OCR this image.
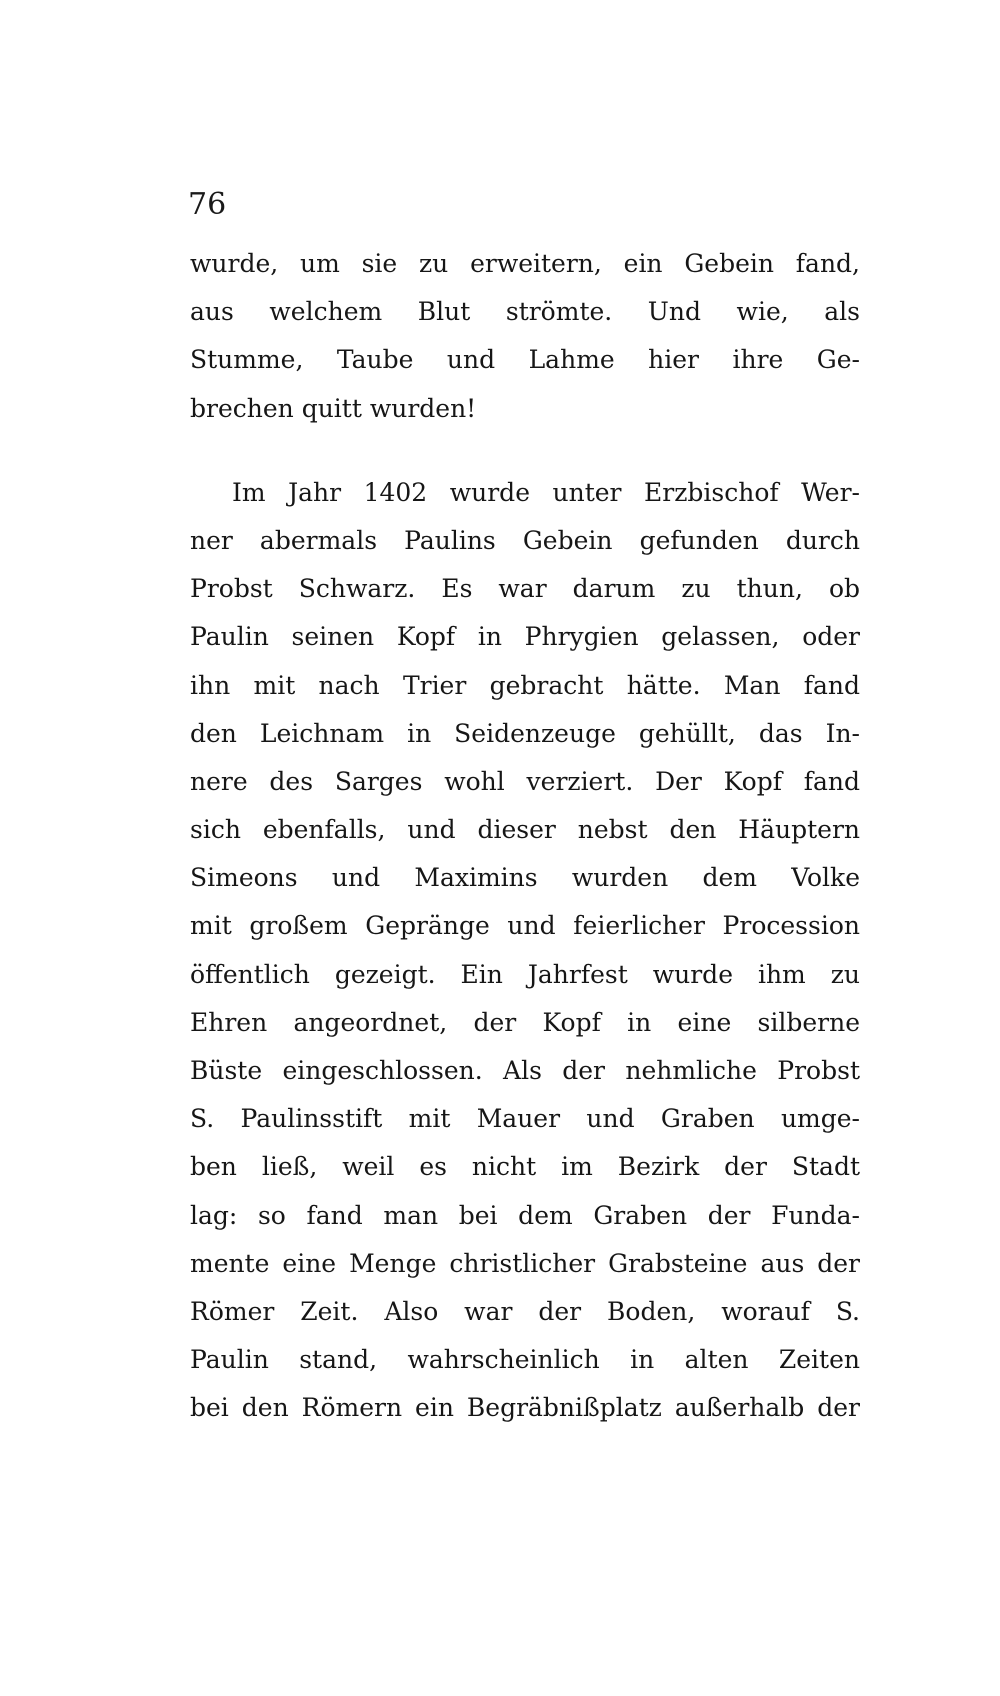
76
wurde, um sie zu erweitern, ein Gebein fand,
aus welchem Blut strömte. Und wie, als
Stumme, Taube und Lahme hier ihre Ge-
brechen quitt wurden!
Im Jahr 1402 wurde unter Erzbischof Wer-
ner abermals Paulins Gebein gefunden durch
Probst Schwarz. Es war darum zu thun, ob
Paulin seinen Kopf in Phrygien gelassen, oder
ihn mit nach Trier gebracht hätte. Man fand
den Leichnam in Seidenzeuge gehüllt, das In-
nere des Sarges wohl verziert. Der Kopf fand
sich ebenfalls, und dieser nebst den Häuptern
Simeons und Maximins wurden dem Volke
mit großem Gepränge und feierlicher Procession
öffentlich gezeigt. Ein Jahrfest wurde ihm zu
Ehren angeordnet, der Kopf in eine silberne
Büste eingeschlossen. Als der nehmliche Probst
S. Paulinsstift mit Mauer und Graben umge-
ben ließ, weil es nicht im Bezirk der Stadt
lag: so fand man bei dem Graben der Funda-
mente eine Menge christlicher Grabsteine aus der
Römer Zeit. Also war der Boden, worauf S.
Paulin stand, wahrscheinlich in alten Zeiten
bei den Römern ein Begräbnißplatz außerhalb der
